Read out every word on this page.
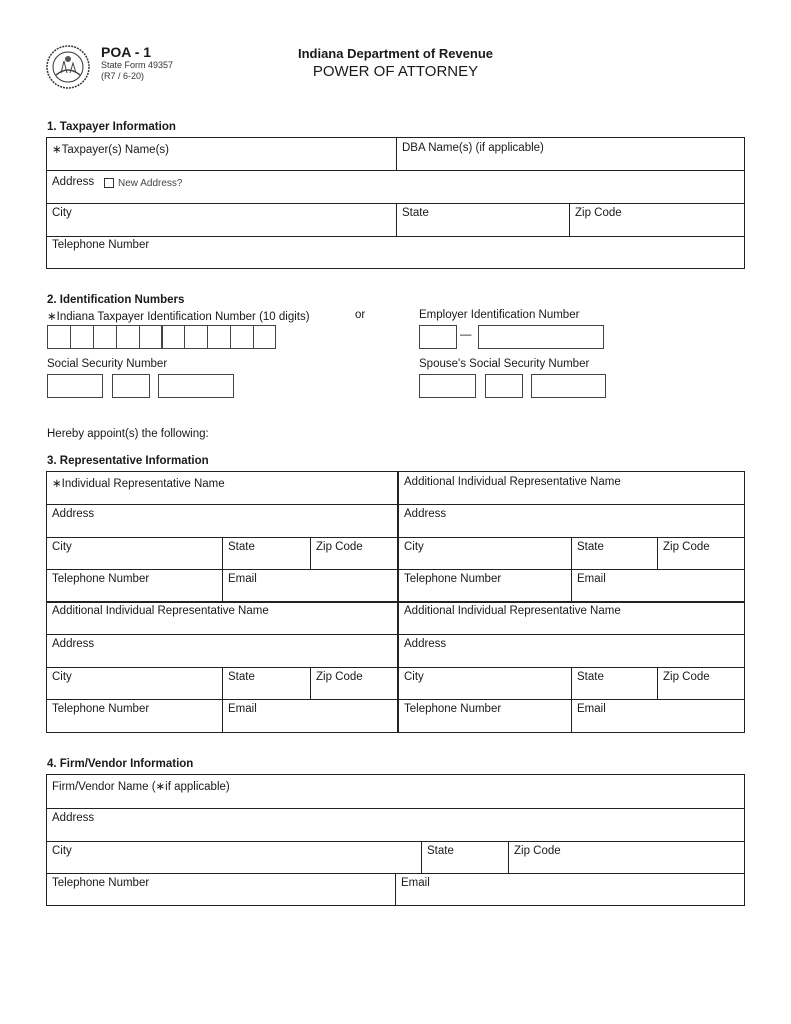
POA - 1
State Form 49357
(R7 / 6-20)
Indiana Department of Revenue
POWER OF ATTORNEY
1. Taxpayer Information
∗Taxpayer(s) Name(s)	DBA Name(s) (if applicable)
Address New Address?
City	State	Zip Code
Telephone Number
2. Identification Numbers
∗Indiana Taxpayer Identification Number (10 digits)	or	Employer Identification Number
—
Social Security Number	Spouse's Social Security Number
Hereby appoint(s) the following:
3. Representative Information
∗Individual Representative Name
Address
City	State	Zip Code
Telephone Number	Email
Additional Individual Representative Name
Address
City	State	Zip Code
Telephone Number	Email
Additional Individual Representative Name
Address
City	State	Zip Code
Telephone Number	Email
Additional Individual Representative Name
Address
City	State	Zip Code
Telephone Number	Email
4. Firm/Vendor Information
Firm/Vendor Name (∗if applicable)
Address
City	State	Zip Code
Telephone Number	Email
